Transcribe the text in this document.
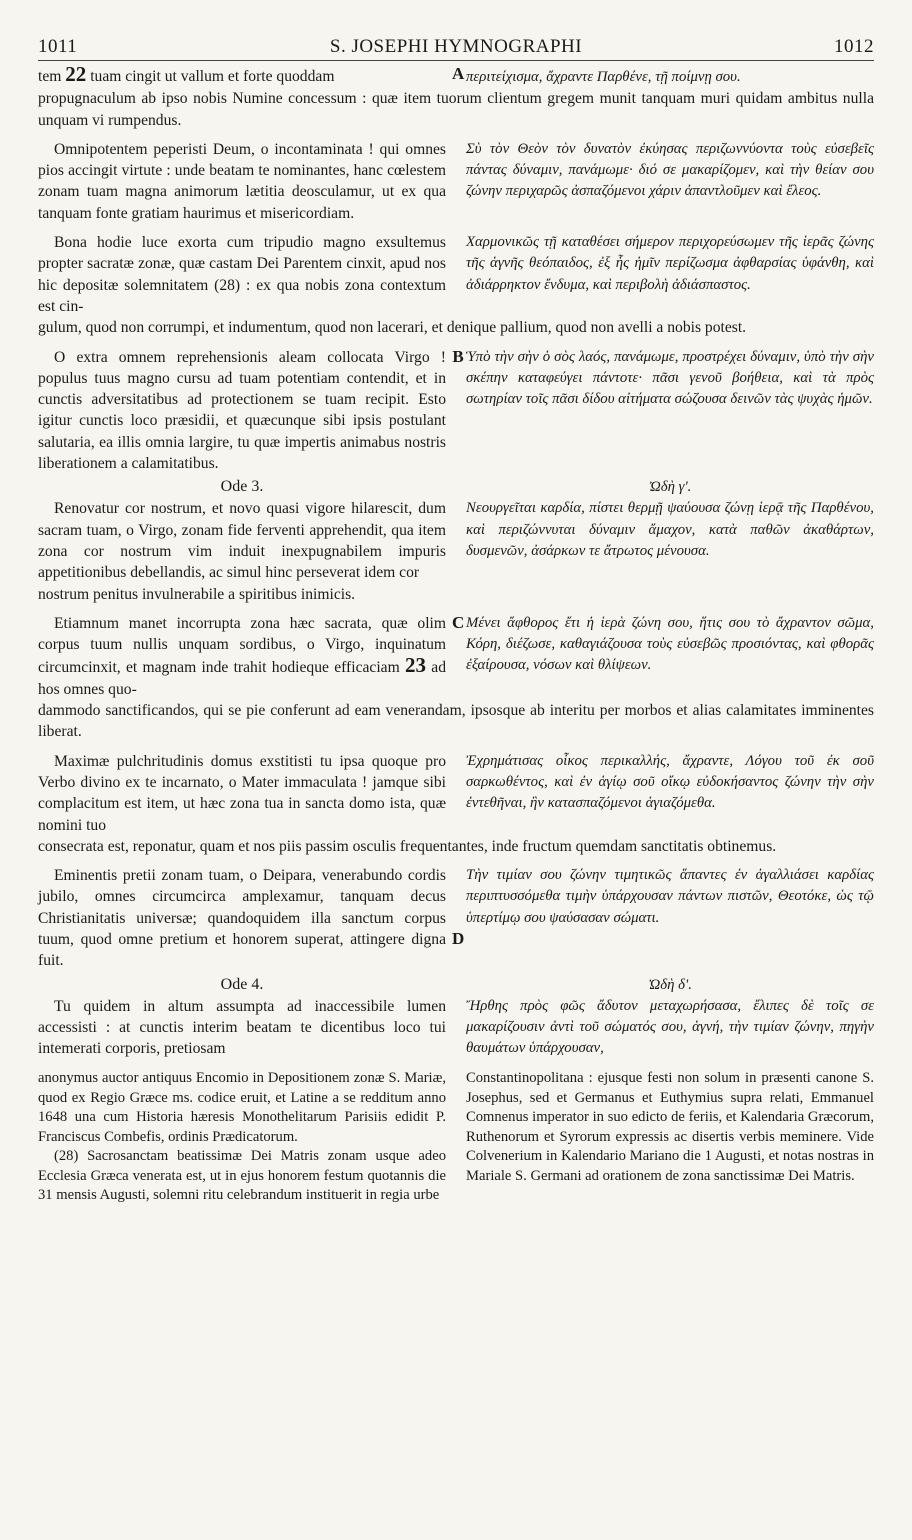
1011	S. JOSEPHI HYMNOGRAPHI	1012

tem 22 tuam cingit ut vallum et forte quoddam	A περιτείχισμα, ἄχραντε Παρθένε, τῇ ποίμνῃ σου.

propugnaculum ab ipso nobis Numine concessum : quæ item tuorum clientum gregem munit tanquam muri quidam ambitus nulla unquam vi rumpendus.

Omnipotentem peperisti Deum, o incontaminata ! qui omnes pios accingit virtute : unde beatam te nominantes, hanc cœlestem zonam tuam magna animorum lætitia deosculamur, ut ex qua tanquam fonte gratiam haurimus et misericordiam.

Σὺ τὸν Θεὸν τὸν δυνατὸν ἐκύησας περιζωννύοντα τοὺς εὐσεβεῖς πάντας δύναμιν, πανάμωμε· διό σε μακαρίζομεν, καὶ τὴν θείαν σου ζώνην περιχαρῶς ἀσπαζόμενοι χάριν ἀπαντλοῦμεν καὶ ἔλεος.

Bona hodie luce exorta cum tripudio magno exsultemus propter sacratæ zonæ, quæ castam Dei Parentem cinxit, apud nos hic depositæ solemnitatem (28) : ex qua nobis zona contextum est cin-

Χαρμονικῶς τῇ καταθέσει σήμερον περιχορεύσωμεν τῆς ἱερᾶς ζώνης τῆς ἁγνῆς θεόπαιδος, ἐξ ἧς ἡμῖν περίζωσμα ἀφθαρσίας ὑφάνθη, καὶ ἀδιάρρηκτον ἔνδυμα, καὶ περιβολὴ ἀδιάσπαστος.

gulum, quod non corrumpi, et indumentum, quod non lacerari, et denique pallium, quod non avelli a nobis potest.

O extra omnem reprehensionis aleam collocata Virgo ! populus tuus magno cursu ad tuam potentiam contendit, et in cunctis adversitatibus ad protectionem se tuam recipit. Esto igitur cunctis loco præsidii, et quæcunque sibi ipsis postulant salutaria, ea illis omnia largire, tu quæ impertis animabus nostris liberationem a calamitatibus.

B Ὑπὸ τὴν σὴν ὁ σὸς λαός, πανάμωμε, προστρέχει δύναμιν, ὑπὸ τὴν σὴν σκέπην καταφεύγει πάντοτε· πᾶσι γενοῦ βοήθεια, καὶ τὰ πρὸς σωτηρίαν τοῖς πᾶσι δίδου αἰτήματα σώζουσα δεινῶν τὰς ψυχὰς ἡμῶν.

Ode 3.	Ὠδὴ γ'.

Renovatur cor nostrum, et novo quasi vigore hilarescit, dum sacram tuam, o Virgo, zonam fide ferventi apprehendit, qua item zona cor nostrum vim induit inexpugnabilem impuris appetitionibus debellandis, ac simul hinc perseverat idem cor

Νεουργεῖται καρδία, πίστει θερμῇ ψαύουσα ζώνῃ ἱερᾷ τῆς Παρθένου, καὶ περιζώννυται δύναμιν ἄμαχον, κατὰ παθῶν ἀκαθάρτων, δυσμενῶν, ἀσάρκων τε ἄτρωτος μένουσα.

nostrum penitus invulnerabile a spiritibus inimicis.

Etiamnum manet incorrupta zona hæc sacrata, quæ olim corpus tuum nullis unquam sordibus, o Virgo, inquinatum circumcinxit, et magnam inde trahit hodieque efficaciam 23 ad hos omnes quo-

C Μένει ἄφθορος ἔτι ἡ ἱερὰ ζώνη σου, ἥτις σου τὸ ἄχραντον σῶμα, Κόρη, διέζωσε, καθαγιάζουσα τοὺς εὐσεβῶς προσιόντας, καὶ φθορᾶς ἐξαίρουσα, νόσων καὶ θλίψεων.

dammodo sanctificandos, qui se pie conferunt ad eam venerandam, ipsosque ab interitu per morbos et alias calamitates imminentes liberat.

Maximæ pulchritudinis domus exstitisti tu ipsa quoque pro Verbo divino ex te incarnato, o Mater immaculata ! jamque sibi complacitum est item, ut hæc zona tua in sancta domo ista, quæ nomini tuo

Ἐχρημάτισας οἶκος περικαλλής, ἄχραντε, Λόγου τοῦ ἐκ σοῦ σαρκωθέντος, καὶ ἐν ἁγίῳ σοῦ οἴκῳ εὐδοκήσαντος ζώνην τὴν σὴν ἐντεθῆναι, ἣν κατασπαζόμενοι ἁγιαζόμεθα.

consecrata est, reponatur, quam et nos piis passim osculis frequentantes, inde fructum quemdam sanctitatis obtinemus.

Eminentis pretii zonam tuam, o Deipara, venerabundo cordis jubilo, omnes circumcirca amplexamur, tanquam decus Christianitatis universæ; quandoquidem illa sanctum corpus tuum, quod omne pretium et honorem superat, attingere digna fuit.

D

Τὴν τιμίαν σου ζώνην τιμητικῶς ἅπαντες ἐν ἀγαλλιάσει καρδίας περιπτυσσόμεθα τιμὴν ὑπάρχουσαν πάντων πιστῶν, Θεοτόκε, ὡς τῷ ὑπερτίμῳ σου ψαύσασαν σώματι.

Ode 4.	Ὠδὴ δ'.

Tu quidem in altum assumpta ad inaccessibile lumen accessisti : at cunctis interim beatam te dicentibus loco tui intemerati corporis, pretiosam

Ἤρθης πρὸς φῶς ἄδυτον μεταχωρήσασα, ἔλιπες δὲ τοῖς σε μακαρίζουσιν ἀντὶ τοῦ σώματός σου, ἁγνή, τὴν τιμίαν ζώνην, πηγὴν θαυμάτων ὑπάρχουσαν,

anonymus auctor antiquus Encomio in Depositionem zonæ S. Mariæ, quod ex Regio Græce ms. codice eruit, et Latine a se redditum anno 1648 una cum Historia hæresis Monothelitarum Parisiis edidit P. Franciscus Combefis, ordinis Prædicatorum.

(28) Sacrosanctam beatissimæ Dei Matris zonam usque adeo Ecclesia Græca venerata est, ut in ejus honorem festum quotannis die 31 mensis Augusti, solemni ritu celebrandum instituerit in regia urbe

Constantinopolitana : ejusque festi non solum in præsenti canone S. Josephus, sed et Germanus et Euthymius supra relati, Emmanuel Comnenus imperator in suo edicto de feriis, et Kalendaria Græcorum, Ruthenorum et Syrorum expressis ac disertis verbis meminere. Vide Colvenerium in Kalendario Mariano die 1 Augusti, et notas nostras in Mariale S. Germani ad orationem de zona sanctissimæ Dei Matris.
